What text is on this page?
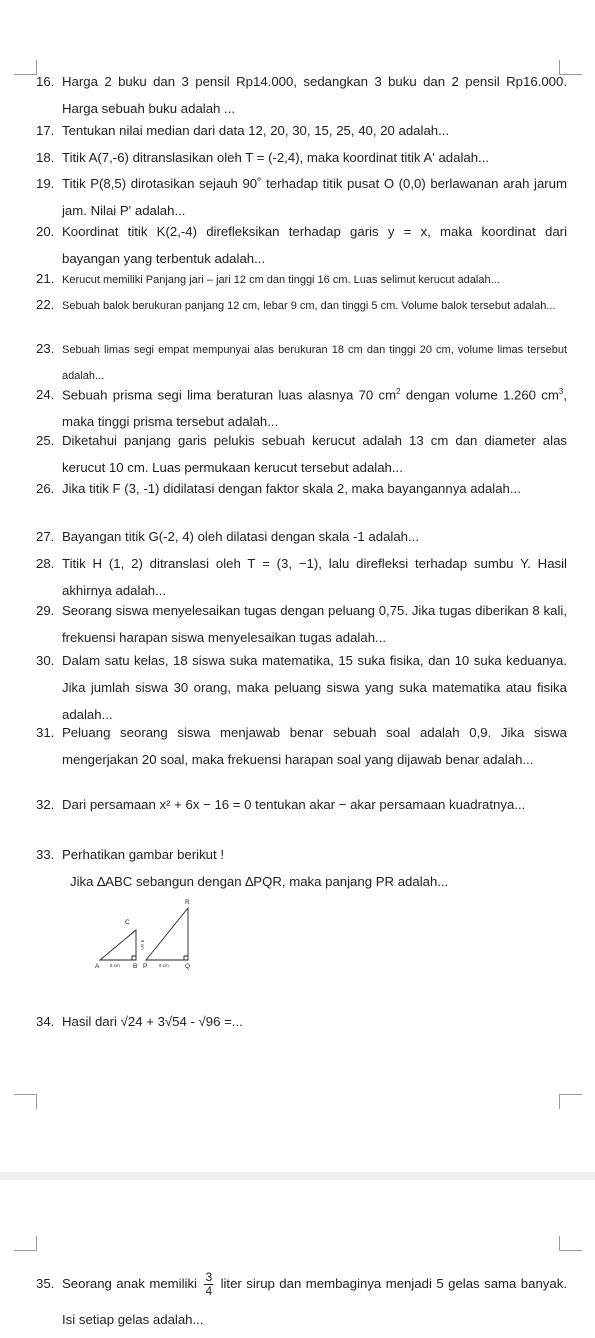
16. Harga 2 buku dan 3 pensil Rp14.000, sedangkan 3 buku dan 2 pensil Rp16.000. Harga sebuah buku adalah ...
17. Tentukan nilai median dari data 12, 20, 30, 15, 25, 40, 20 adalah...
18. Titik A(7,-6) ditranslasikan oleh T = (-2,4), maka koordinat titik A' adalah...
19. Titik P(8,5) dirotasikan sejauh 90˚ terhadap titik pusat O (0,0) berlawanan arah jarum jam. Nilai P' adalah...
20. Koordinat titik K(2,-4) direfleksikan terhadap garis y = x, maka koordinat dari bayangan yang terbentuk adalah...
21. Kerucut memiliki Panjang jari – jari 12 cm dan tinggi 16 cm. Luas selimut kerucut adalah...
22. Sebuah balok berukuran panjang 12 cm, lebar 9 cm, dan tinggi 5 cm. Volume balok tersebut adalah...
23. Sebuah limas segi empat mempunyai alas berukuran 18 cm dan tinggi 20 cm, volume limas tersebut adalah...
24. Sebuah prisma segi lima beraturan luas alasnya 70 $cm^2$ dengan volume 1.260 $cm^3$, maka tinggi prisma tersebut adalah...
25. Diketahui panjang garis pelukis sebuah kerucut adalah 13 cm dan diameter alas kerucut 10 cm. Luas permukaan kerucut tersebut adalah...
26. Jika titik F (3, -1) didilatasi dengan faktor skala 2, maka bayangannya adalah...
27. Bayangan titik G(-2, 4) oleh dilatasi dengan skala -1 adalah...
28. Titik H (1, 2) ditranslasi oleh T = (3, −1), lalu direfleksi terhadap sumbu Y. Hasil akhirnya adalah...
29. Seorang siswa menyelesaikan tugas dengan peluang 0,75. Jika tugas diberikan 8 kali, frekuensi harapan siswa menyelesaikan tugas adalah...
30. Dalam satu kelas, 18 siswa suka matematika, 15 suka fisika, dan 10 suka keduanya. Jika jumlah siswa 30 orang, maka peluang siswa yang suka matematika atau fisika adalah...
31. Peluang seorang siswa menjawab benar sebuah soal adalah 0,9. Jika siswa mengerjakan 20 soal, maka frekuensi harapan soal yang dijawab benar adalah...
32. Dari persamaan x² + 6x − 16 = 0 tentukan akar − akar persamaan kuadratnya...
33. Perhatikan gambar berikut !
Jika ∆ABC sebangun dengan ∆PQR, maka panjang PR adalah...
A 6 cm B
C
8 cm
P	9 cm Q
R
34. Hasil dari √24 + 3√54 - √96 =...
35. Seorang anak memiliki $\frac{3}{4}$ liter sirup dan membaginya menjadi 5 gelas sama banyak. Isi setiap gelas adalah...
